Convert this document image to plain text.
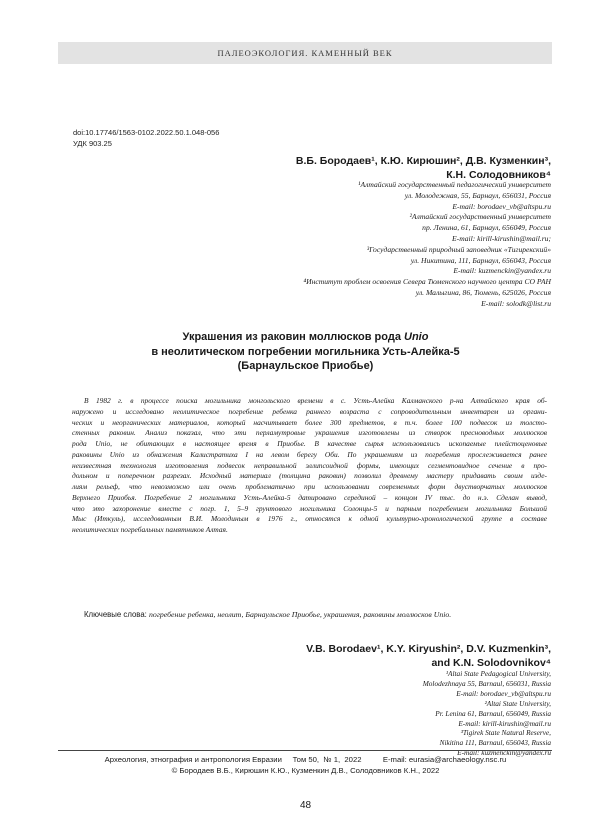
ПАЛЕОЭКОЛОГИЯ. КАМЕННЫЙ ВЕК
doi:10.17746/1563-0102.2022.50.1.048-056
УДК 903.25
В.Б. Бородаев¹, К.Ю. Кирюшин², Д.В. Кузменкин³,
К.Н. Солодовников⁴
¹Алтайский государственный педагогический университет
ул. Молодежная, 55, Барнаул, 656031, Россия
E-mail: borodaev_vb@altspu.ru
²Алтайский государственный университет
пр. Ленина, 61, Барнаул, 656049, Россия
E-mail: kirill-kirushin@mail.ru;
³Государственный природный заповедник «Тигирекский»
ул. Никитина, 111, Барнаул, 656043, Россия
E-mail: kuzmenckin@yandex.ru
⁴Институт проблем освоения Севера Тюменского научного центра СО РАН
ул. Малыгина, 86, Тюмень, 625026, Россия
E-mail: solodk@list.ru
Украшения из раковин моллюсков рода Unio
в неолитическом погребении могильника Усть-Алейка-5
(Барнаульское Приобье)
В 1982 г. в процессе поиска могильника монгольского времени в с. Усть-Алейка Калманского р-на Алтайского края об-
наружено и исследовано неолитическое погребение ребенка раннего возраста с сопроводительным инвентарем из органи-
ческих и неорганических материалов, который насчитывает более 300 предметов, в т.ч. более 100 подвесок из толсто-
стенных раковин. Анализ показал, что эти перламутровые украшения изготовлены из створок пресноводных моллюсков
рода Unio, не обитающих в настоящее время в Приобье. В качестве сырья использовались ископаемые плейстоценовые
раковины Unio из обнажения Калистратиха I на левом берегу Оби. По украшениям из погребения прослеживается ранее
неизвестная технология изготовления подвесок неправильной эллипсоидной формы, имеющих сегментовидное сечение в про-
дольном и поперечном разрезах. Исходный материал (толщина раковин) позволил древнему мастеру придавать своим изде-
лиям рельеф, что невозможно или очень проблематично при использовании современных форм двустворчатых моллюсков
Верхнего Приобья. Погребение 2 могильника Усть-Алейка-5 датировано серединой – концом IV тыс. до н.э. Сделан вывод,
что это захоронение вместе с погр. 1, 5–9 грунтового могильника Солонцы-5 и парным погребением могильника Большой
Мыс (Иткуль), исследованным В.И. Молодиным в 1976 г., относятся к одной культурно-хронологической группе в составе
неолитических погребальных памятников Алтая.
Ключевые слова: погребение ребенка, неолит, Барнаульское Приобье, украшения, раковины моллюсков Unio.
V.B. Borodaev¹, K.Y. Kiryushin², D.V. Kuzmenkin³,
and K.N. Solodovnikov⁴
¹Altai State Pedagogical University,
Molodezhnaya 55, Barnaul, 656031, Russia
E-mail: borodaev_vb@altspu.ru
²Altai State University,
Pr. Lenina 61, Barnaul, 656049, Russia
E-mail: kirill-kirushin@mail.ru
³Tigirek State Natural Reserve,
Nikitina 111, Barnaul, 656043, Russia
E-mail: kuzmenckin@yandex.ru
Археология, этнография и антропология Евразии     Том 50,  № 1,  2022          E-mail: eurasia@archaeology.nsc.ru
© Бородаев В.Б., Кирюшин К.Ю., Кузменкин Д.В., Солодовников К.Н., 2022
48
